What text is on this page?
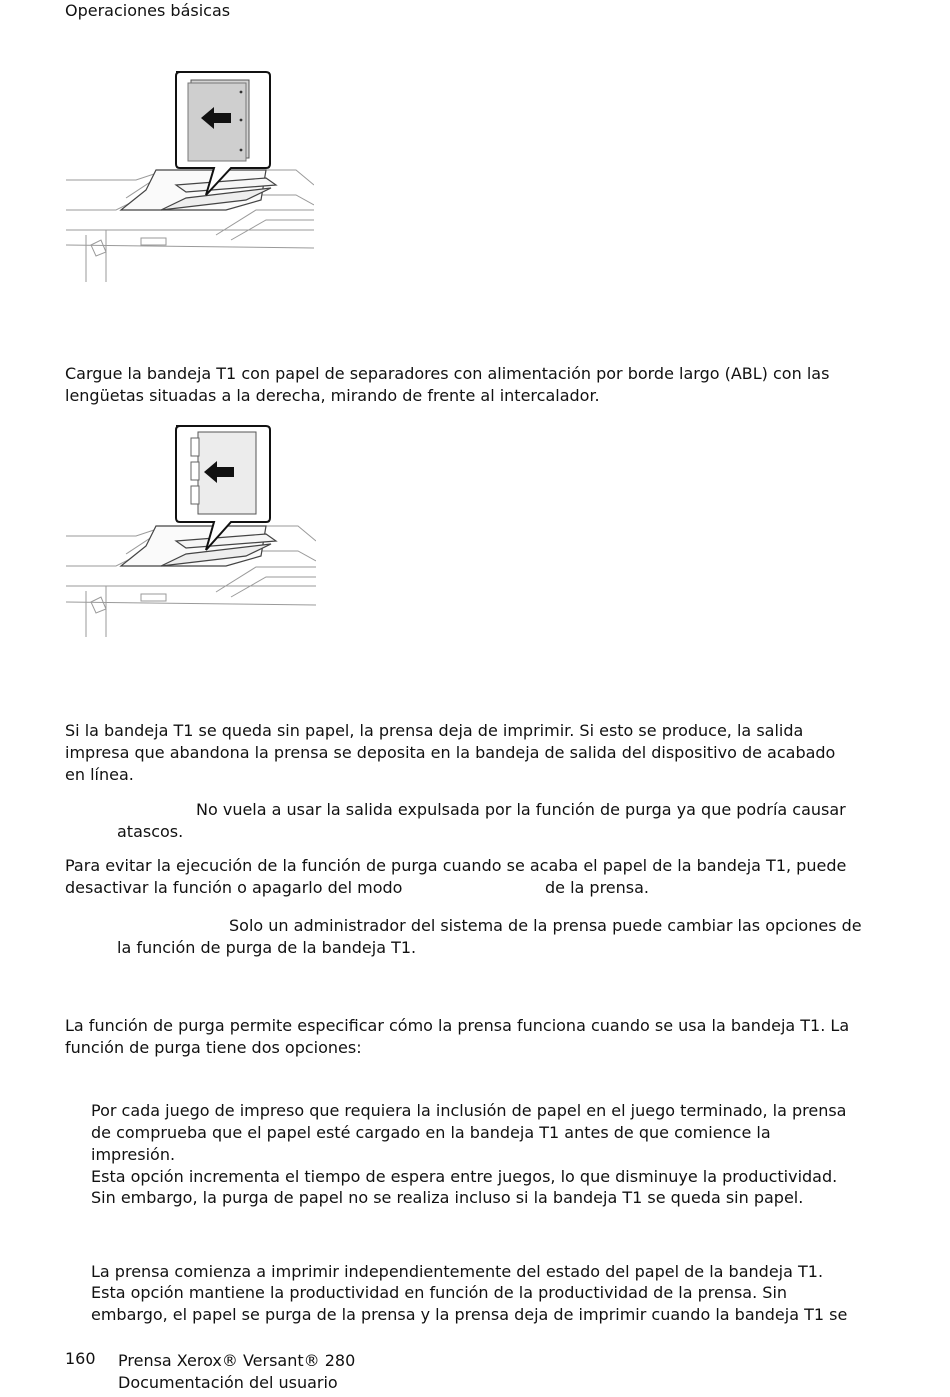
Operaciones básicas

Cargue la bandeja T1 con papel de separadores con alimentación por borde largo (ABL) con las

lengüetas situadas a la derecha, mirando de frente al intercalador.

Si la bandeja T1 se queda sin papel, la prensa deja de imprimir. Si esto se produce, la salida

impresa que abandona la prensa se deposita en la bandeja de salida del dispositivo de acabado

en línea.

No vuela a usar la salida expulsada por la función de purga ya que podría causar

atascos.

Para evitar la ejecución de la función de purga cuando se acaba el papel de la bandeja T1, puede

desactivar la función o apagarlo del modo	de la prensa.

Solo un administrador del sistema de la prensa puede cambiar las opciones de

la función de purga de la bandeja T1.

La función de purga permite especificar cómo la prensa funciona cuando se usa la bandeja T1. La

función de purga tiene dos opciones:

Por cada juego de impreso que requiera la inclusión de papel en el juego terminado, la prensa

de comprueba que el papel esté cargado en la bandeja T1 antes de que comience la

impresión.

Esta opción incrementa el tiempo de espera entre juegos, lo que disminuye la productividad.

Sin embargo, la purga de papel no se realiza incluso si la bandeja T1 se queda sin papel.

La prensa comienza a imprimir independientemente del estado del papel de la bandeja T1.

Esta opción mantiene la productividad en función de la productividad de la prensa. Sin

embargo, el papel se purga de la prensa y la prensa deja de imprimir cuando la bandeja T1 se

160 Prensa Xerox® Versant® 280

Documentación del usuario
